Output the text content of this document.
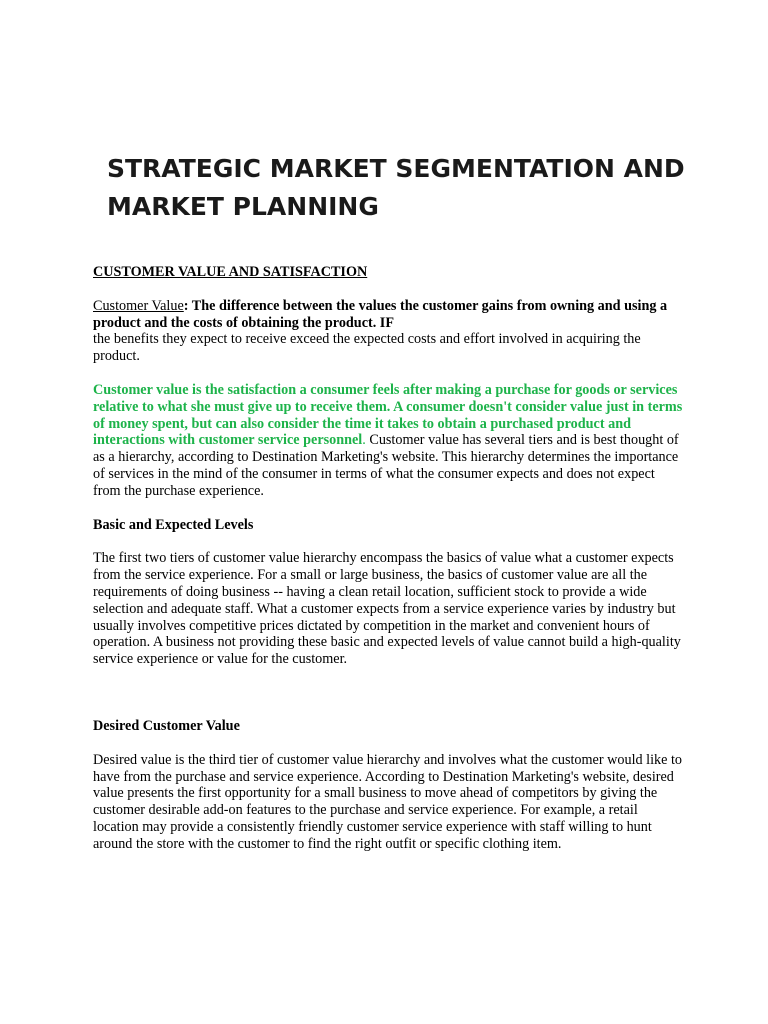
STRATEGIC MARKET SEGMENTATION AND MARKET PLANNING

CUSTOMER VALUE AND SATISFACTION

Customer Value: The difference between the values the customer gains from owning and using a product and the costs of obtaining the product. IF
the benefits they expect to receive exceed the expected costs and effort involved in acquiring the product.

Customer value is the satisfaction a consumer feels after making a purchase for goods or services relative to what she must give up to receive them. A consumer doesn't consider value just in terms of money spent, but can also consider the time it takes to obtain a purchased product and interactions with customer service personnel. Customer value has several tiers and is best thought of as a hierarchy, according to Destination Marketing's website. This hierarchy determines the importance of services in the mind of the consumer in terms of what the consumer expects and does not expect from the purchase experience.

Basic and Expected Levels

The first two tiers of customer value hierarchy encompass the basics of value what a customer expects from the service experience. For a small or large business, the basics of customer value are all the requirements of doing business -- having a clean retail location, sufficient stock to provide a wide selection and adequate staff. What a customer expects from a service experience varies by industry but usually involves competitive prices dictated by competition in the market and convenient hours of operation. A business not providing these basic and expected levels of value cannot build a high-quality service experience or value for the customer.

Desired Customer Value

Desired value is the third tier of customer value hierarchy and involves what the customer would like to have from the purchase and service experience. According to Destination Marketing's website, desired value presents the first opportunity for a small business to move ahead of competitors by giving the customer desirable add-on features to the purchase and service experience. For example, a retail location may provide a consistently friendly customer service experience with staff willing to hunt around the store with the customer to find the right outfit or specific clothing item.
